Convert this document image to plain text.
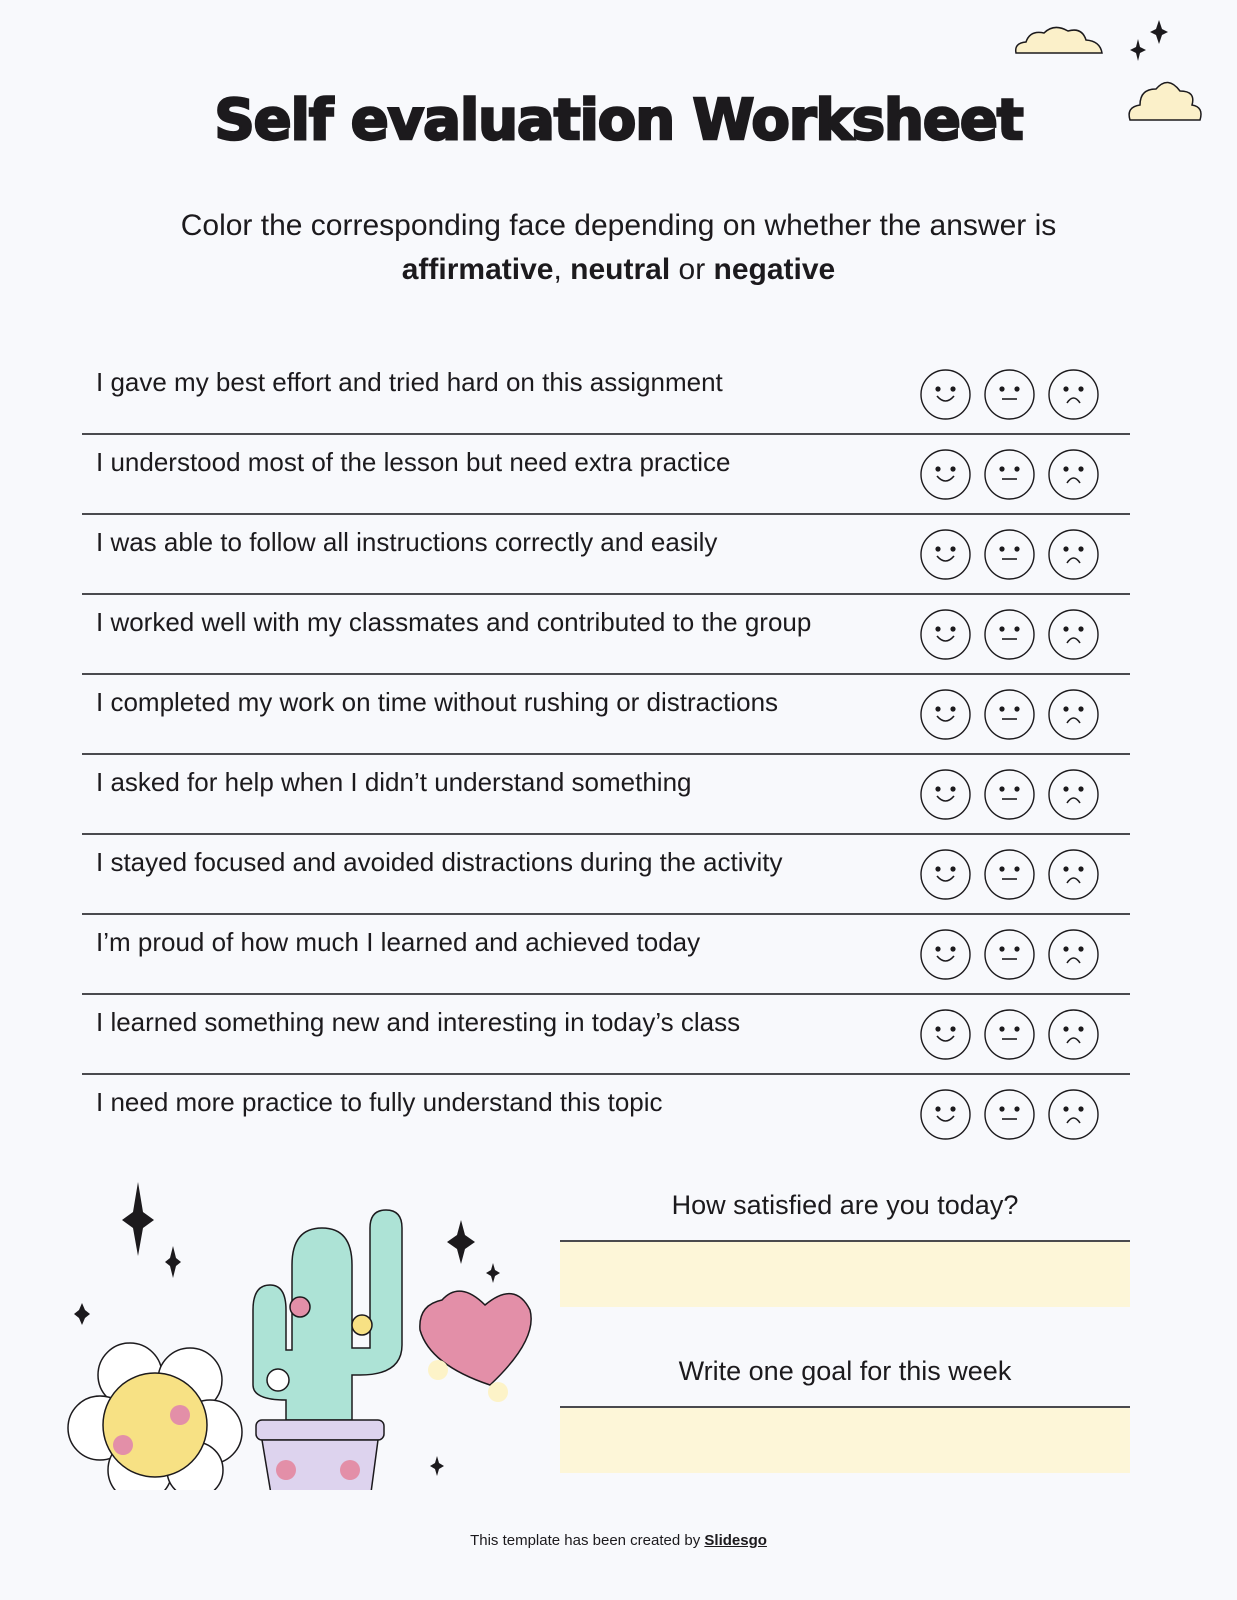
Self evaluation Worksheet
Color the corresponding face depending on whether the answer is
affirmative, neutral or negative
I gave my best effort and tried hard on this assignment
I understood most of the lesson but need extra practice
I was able to follow all instructions correctly and easily
I worked well with my classmates and contributed to the group
I completed my work on time without rushing or distractions
I asked for help when I didn’t understand something
I stayed focused and avoided distractions during the activity
I’m proud of how much I learned and achieved today
I learned something new and interesting in today’s class
I need more practice to fully understand this topic
How satisfied are you today?
Write one goal for this week
This template has been created by Slidesgo
